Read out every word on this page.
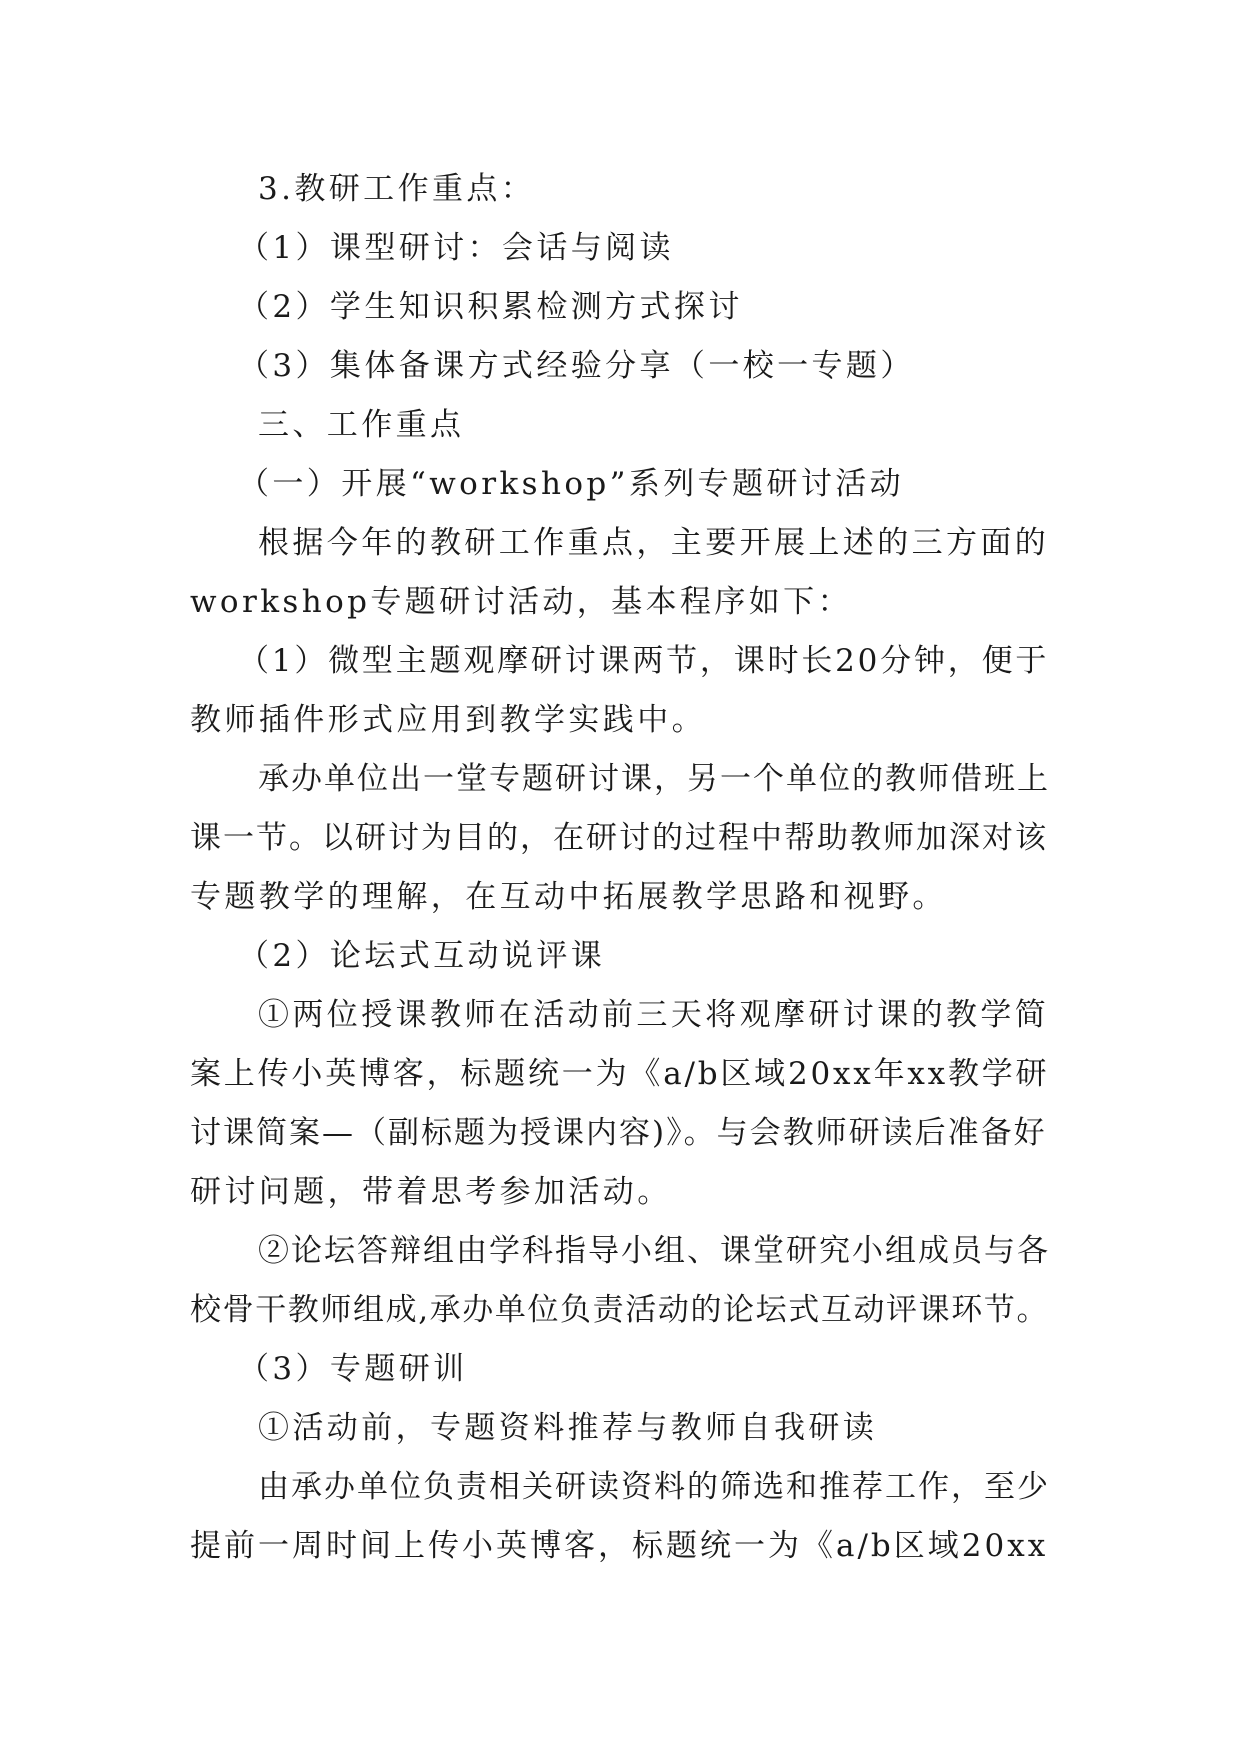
3.教研工作重点：
（1）课型研讨：会话与阅读
（2）学生知识积累检测方式探讨
（3）集体备课方式经验分享（一校一专题）
三、工作重点
（一）开展“workshop”系列专题研讨活动
根据今年的教研工作重点，主要开展上述的三方面的
workshop专题研讨活动，基本程序如下：
（1）微型主题观摩研讨课两节，课时长20分钟，便于
教师插件形式应用到教学实践中。
承办单位出一堂专题研讨课，另一个单位的教师借班上
课一节。以研讨为目的，在研讨的过程中帮助教师加深对该
专题教学的理解，在互动中拓展教学思路和视野。
（2）论坛式互动说评课
①两位授课教师在活动前三天将观摩研讨课的教学简
案上传小英博客，标题统一为《a/b区域20xx年xx教学研
讨课简案—（副标题为授课内容)》。与会教师研读后准备好
研讨问题，带着思考参加活动。
②论坛答辩组由学科指导小组、课堂研究小组成员与各
校骨干教师组成,承办单位负责活动的论坛式互动评课环节。
（3）专题研训
①活动前，专题资料推荐与教师自我研读
由承办单位负责相关研读资料的筛选和推荐工作，至少
提前一周时间上传小英博客，标题统一为《a/b区域20xx
